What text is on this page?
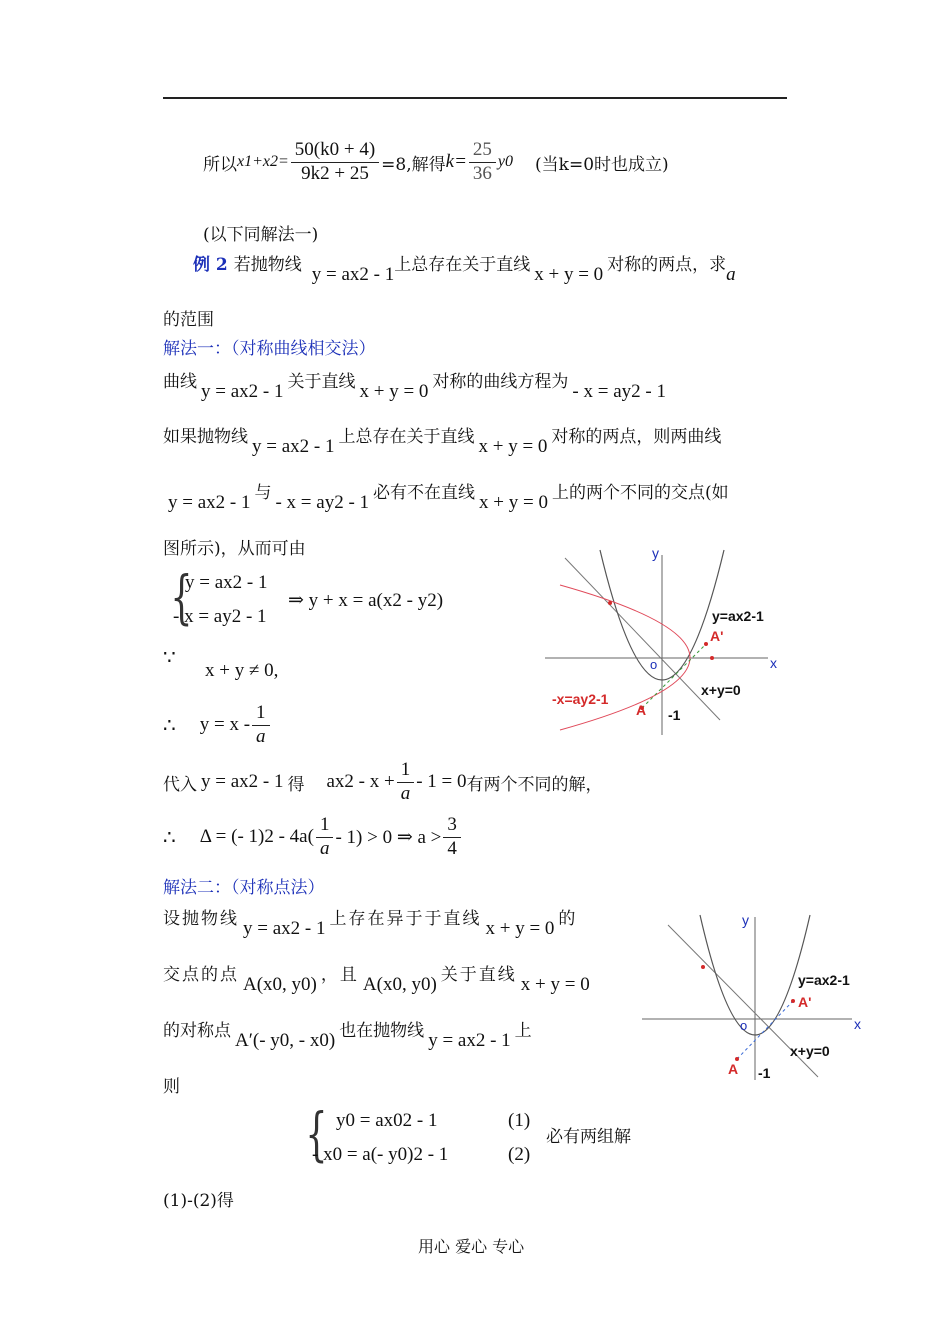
所以 $x1+x2= \frac{50(k0 + 4)}{9k2 + 25} =8$,解得 $k= \frac{25}{36} y0$ (当k=0时也成立)
(以下同解法一)
例 2 若抛物线 y = ax2 - 1 上总存在关于直线 x + y = 0 对称的两点，求 a
的范围
解法一：（对称曲线相交法）
曲线 y = ax2 - 1 关于直线 x + y = 0 对称的曲线方程为 - x = ay2 - 1
如果抛物线 y = ax2 - 1 上总存在关于直线 x + y = 0 对称的两点，则两曲线
y = ax2 - 1 与 - x = ay2 - 1 必有不在直线 x + y = 0 上的两个不同的交点(如
图所示)，从而可由
{
y = ax2 - 1
- x = ay2 - 1
⇒ y + x = a(x2 - y2)
∵
x + y ≠ 0,
∴ $y = x - \frac{1}{a}$
代入 y = ax2 - 1 得 $ax2 - x + \frac{1}{a} - 1 = 0$ 有两个不同的解，
∴ Δ = (- $1)2 - 4a( \frac{1}{a} - 1) > 0$ ⇒ $a > \frac{3}{4}$
解法二：（对称点法）
设抛物线 y = ax2 - 1 上存在异于于直线 x + y = 0 的
交点的点 A(x0, y0) ，且 A(x0, y0) 关于直线 x + y = 0
的对称点 A′(- y0, - x0) 也在抛物线 y = ax2 - 1 上
则
{ y0 = ax02 - 1	(1)
- x0 = a(- y0)2 - 1	(2)
必有两组解
(1)-(2)得
y
x
o
y=ax2-1
-x=ay2-1
x+y=0
A
A'
-1
y
x
o
y=ax2-1
x+y=0
A
A'
-1
用心 爱心 专心
